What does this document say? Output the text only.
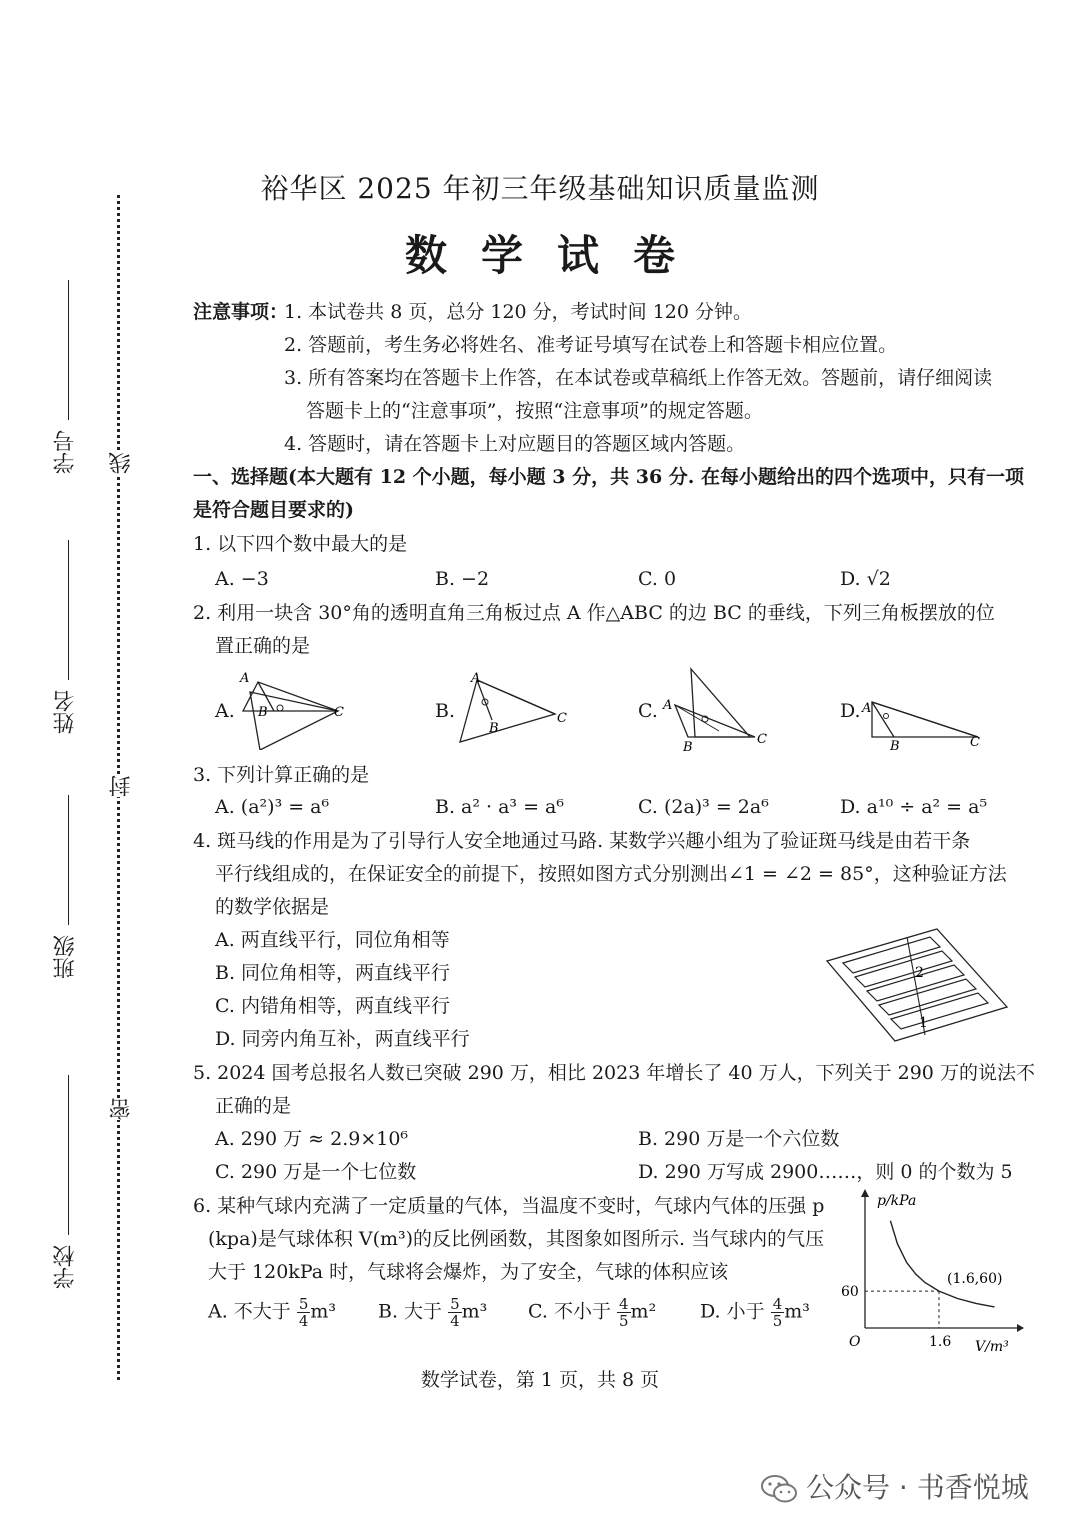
学号
姓名
班级
学校
线
封
密
裕华区 2025 年初三年级基础知识质量监测
数学试卷
注意事项：
1. 本试卷共 8 页，总分 120 分，考试时间 120 分钟。
2. 答题前，考生务必将姓名、准考证号填写在试卷上和答题卡相应位置。
3. 所有答案均在答题卡上作答，在本试卷或草稿纸上作答无效。答题前，请仔细阅读
答题卡上的“注意事项”，按照“注意事项”的规定答题。
4. 答题时，请在答题卡上对应题目的答题区域内答题。
一、选择题(本大题有 12 个小题，每小题 3 分，共 36 分. 在每小题给出的四个选项中，只有一项
是符合题目要求的)
1. 以下四个数中最大的是
A. −3	B. −2	C. 0	D. √2
2. 利用一块含 30°角的透明直角三角板过点 A 作△ABC 的边 BC 的垂线，下列三角板摆放的位
置正确的是
A.
A
B	C	B.
A
B
C	C. A
B
C
D. A
B	C
3. 下列计算正确的是
A. (a²)³ = a⁶	B. a² · a³ = a⁶	C. (2a)³ = 2a⁶	D. a¹⁰ ÷ a² = a⁵
4. 斑马线的作用是为了引导行人安全地通过马路. 某数学兴趣小组为了验证斑马线是由若干条
平行线组成的，在保证安全的前提下，按照如图方式分别测出∠1 = ∠2 = 85°，这种验证方法
的数学依据是
A. 两直线平行，同位角相等
B. 同位角相等，两直线平行
C. 内错角相等，两直线平行
D. 同旁内角互补，两直线平行
2
1
5. 2024 国考总报名人数已突破 290 万，相比 2023 年增长了 40 万人，下列关于 290 万的说法不
正确的是
A. 290 万 ≈ 2.9×10⁶	B. 290 万是一个六位数
C. 290 万是一个七位数	D. 290 万写成 2900……，则 0 的个数为 5
6. 某种气球内充满了一定质量的气体，当温度不变时，气球内气体的压强 p
(kpa)是气球体积 V(m³)的反比例函数，其图象如图所示. 当气球内的气压
大于 120kPa 时，气球将会爆炸，为了安全，气球的体积应该
A. 不大于 $\frac{5}{4} m^3$ B. 大于 $\frac{5}{4} m^3$ C. 不小于 $\frac{4}{5} m^2$ D. 小于 $\frac{4}{5} m^3$
p/kPa
V/m³
O
60
1.6
(1.6,60)
数学试卷，第 1 页，共 8 页
公众号 · 书香悦城
